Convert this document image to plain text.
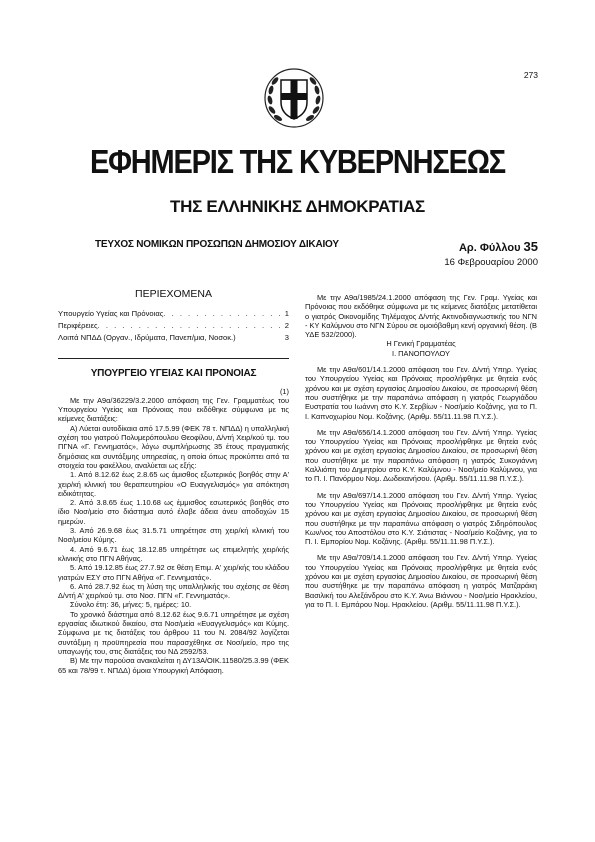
273
ΕΦΗΜΕΡΙΣ ΤΗΣ ΚΥΒΕΡΝΗΣΕΩΣ
ΤΗΣ ΕΛΛΗΝΙΚΗΣ ΔΗΜΟΚΡΑΤΙΑΣ
ΤΕΥΧΟΣ ΝΟΜΙΚΩΝ ΠΡΟΣΩΠΩΝ ΔΗΜΟΣΙΟΥ ΔΙΚΑΙΟΥ	Αρ. Φύλλου 35
16 Φεβρουαρίου 2000
ΠΕΡΙΕΧΟΜΕΝΑ
Υπουργείο Υγείας και Πρόνοιας . . .	1
Περιφέρειες . . .	2
Λοιπά ΝΠΔΔ (Οργαν., Ιδρύματα, Πανεπ/μια, Νοσοκ.)	3
ΥΠΟΥΡΓΕΙΟ ΥΓΕΙΑΣ ΚΑΙ ΠΡΟΝΟΙΑΣ
(1)

Με την Α9α/36229/3.2.2000 απόφαση της Γεν. Γραμματέως του Υπουργείου Υγείας και Πρόνοιας που εκδόθηκε σύμφωνα με τις κείμενες διατάξεις:

Α) Λύεται αυτοδίκαια από 17.5.99 (ΦΕΚ 78 τ. ΝΠΔΔ) η υπαλληλική σχέση του γιατρού Πολυμερόπουλου Θεοφίλου, Δ/ντή Χειρ/κού τμ. του ΠΓΝΑ «Γ. Γεννηματάς», λόγω συμπλήρωσης 35 έτους πραγματικής δημόσιας και συντάξιμης υπηρεσίας, η οποία όπως προκύπτει από τα στοιχεία του φακέλλου, αναλύεται ως εξής:

1. Από 8.12.62 έως 2.8.65 ως άμισθος εξωτερικός βοηθός στην Α' χειρ/κή κλινική του θεραπευτηρίου «Ο Ευαγγελισμός» για απόκτηση ειδικότητας.

2. Από 3.8.65 έως 1.10.68 ως έμμισθος εσωτερικός βοηθός στο ίδιο Νοσ/μείο στο διάστημα αυτό έλαβε άδεια άνευ αποδοχών 15 ημερών.

3. Από 26.9.68 έως 31.5.71 υπηρέτησε στη χειρ/κή κλινική του Νοσ/μείου Κύμης.

4. Από 9.6.71 έως 18.12.85 υπηρέτησε ως επιμελητής χειρ/κής κλινικής στο ΠΓΝ Αθήνας.

5. Από 19.12.85 έως 27.7.92 σε θέση Επιμ. Α' χειρ/κής του κλάδου γιατρών ΕΣΥ στο ΠΓΝ Αθήνα «Γ. Γεννηματάς».

6. Από 28.7.92 έως τη λύση της υπαλληλικής του σχέσης σε θέση Δ/ντή Α' χειρ/κού τμ. στο Νοσ. ΠΓΝ «Γ. Γεννηματάς».

Σύνολο έτη: 36, μήνες: 5, ημέρες: 10.

Το χρονικό διάστημα από 8.12.62 έως 9.6.71 υπηρέτησε με σχέση εργασίας ιδιωτικού δικαίου, στα Νοσ/μεία «Ευαγγελισμός» και Κύμης. Σύμφωνα με τις διατάξεις του άρθρου 11 του Ν. 2084/92 λογίζεται συντάξιμη η προϋπηρεσία που παρασχέθηκε σε Νοσ/μείο, προ της υπαγωγής του, στις διατάξεις του ΝΔ 2592/53.

Β) Με την παρούσα ανακαλείται η ΔΥ13Α/ΟΙΚ.11580/25.3.99 (ΦΕΚ 65 και 78/99 τ. ΝΠΔΔ) όμοια Υπουργική Απόφαση.

Με την Α9α/1985/24.1.2000 απόφαση της Γεν. Γραμ. Υγείας και Πρόνοιας που εκδόθηκε σύμφωνα με τις κείμενες διατάξεις μετατίθεται ο γιατρός Οικονομίδης Τηλέμαχος Δ/ντής Ακτινοδιαγνωστικής του ΝΓΝ - ΚΥ Καλύμνου στο ΝΓΝ Σύρου σε ομοιόβαθμη κενή οργανική θέση. (Β ΥΔΕ 532/2000).

Η Γενική Γραμματέας
Ι. ΠΑΝΟΠΟΥΛΟΥ

Με την Α9α/601/14.1.2000 απόφαση του Γεν. Δ/ντή Υπηρ. Υγείας του Υπουργείου Υγείας και Πρόνοιας προσλήφθηκε με θητεία ενός χρόνου και με σχέση εργασίας Δημοσίου Δικαίου, σε προσωρινή θέση που συστήθηκε με την παραπάνω απόφαση η γιατρός Γεωργιάδου Ευστρατία του Ιωάννη στο Κ.Υ. Σερβίων - Νοσ/μείο Κοζάνης, για το Π. Ι. Καπνοχωρίου Νομ. Κοζάνης. (Αριθμ. 55/11.11.98 Π.Υ.Σ.).

Με την Α9α/656/14.1.2000 απόφαση του Γεν. Δ/ντή Υπηρ. Υγείας του Υπουργείου Υγείας και Πρόνοιας προσλήφθηκε με θητεία ενός χρόνου και με σχέση εργασίας Δημοσίου Δικαίου, σε προσωρινή θέση που συστήθηκε με την παραπάνω απόφαση η γιατρός Συκογιάννη Καλλιόπη του Δημητρίου στο Κ.Υ. Καλύμνου - Νοσ/μείο Καλύμνου, για το Π. Ι. Πανόρμου Νομ. Δωδεκανήσου. (Αριθμ. 55/11.11.98 Π.Υ.Σ.).

Με την Α9α/697/14.1.2000 απόφαση του Γεν. Δ/ντή Υπηρ. Υγείας του Υπουργείου Υγείας και Πρόνοιας προσλήφθηκε με θητεία ενός χρόνου και με σχέση εργασίας Δημοσίου Δικαίου, σε προσωρινή θέση που συστήθηκε με την παραπάνω απόφαση ο γιατρός Σιδηρόπουλος Κων/νος του Αποστόλου στο Κ.Υ. Σιάτιστας - Νοσ/μείο Κοζάνης, για το Π. Ι. Εμπορίου Νομ. Κοζάνης. (Αριθμ. 55/11.11.98 Π.Υ.Σ.).

Με την Α9α/709/14.1.2000 απόφαση του Γεν. Δ/ντή Υπηρ. Υγείας του Υπουργείου Υγείας και Πρόνοιας προσλήφθηκε με θητεία ενός χρόνου και με σχέση εργασίας Δημοσίου Δικαίου, σε προσωρινή θέση που συστήθηκε με την παραπάνω απόφαση η γιατρός Ματζαράκη Βασιλική του Αλεξάνδρου στο Κ.Υ. Άνω Βιάννου - Νοσ/μείο Ηρακλείου, για το Π. Ι. Εμπάρου Νομ. Ηρακλείου. (Αριθμ. 55/11.11.98 Π.Υ.Σ.).
